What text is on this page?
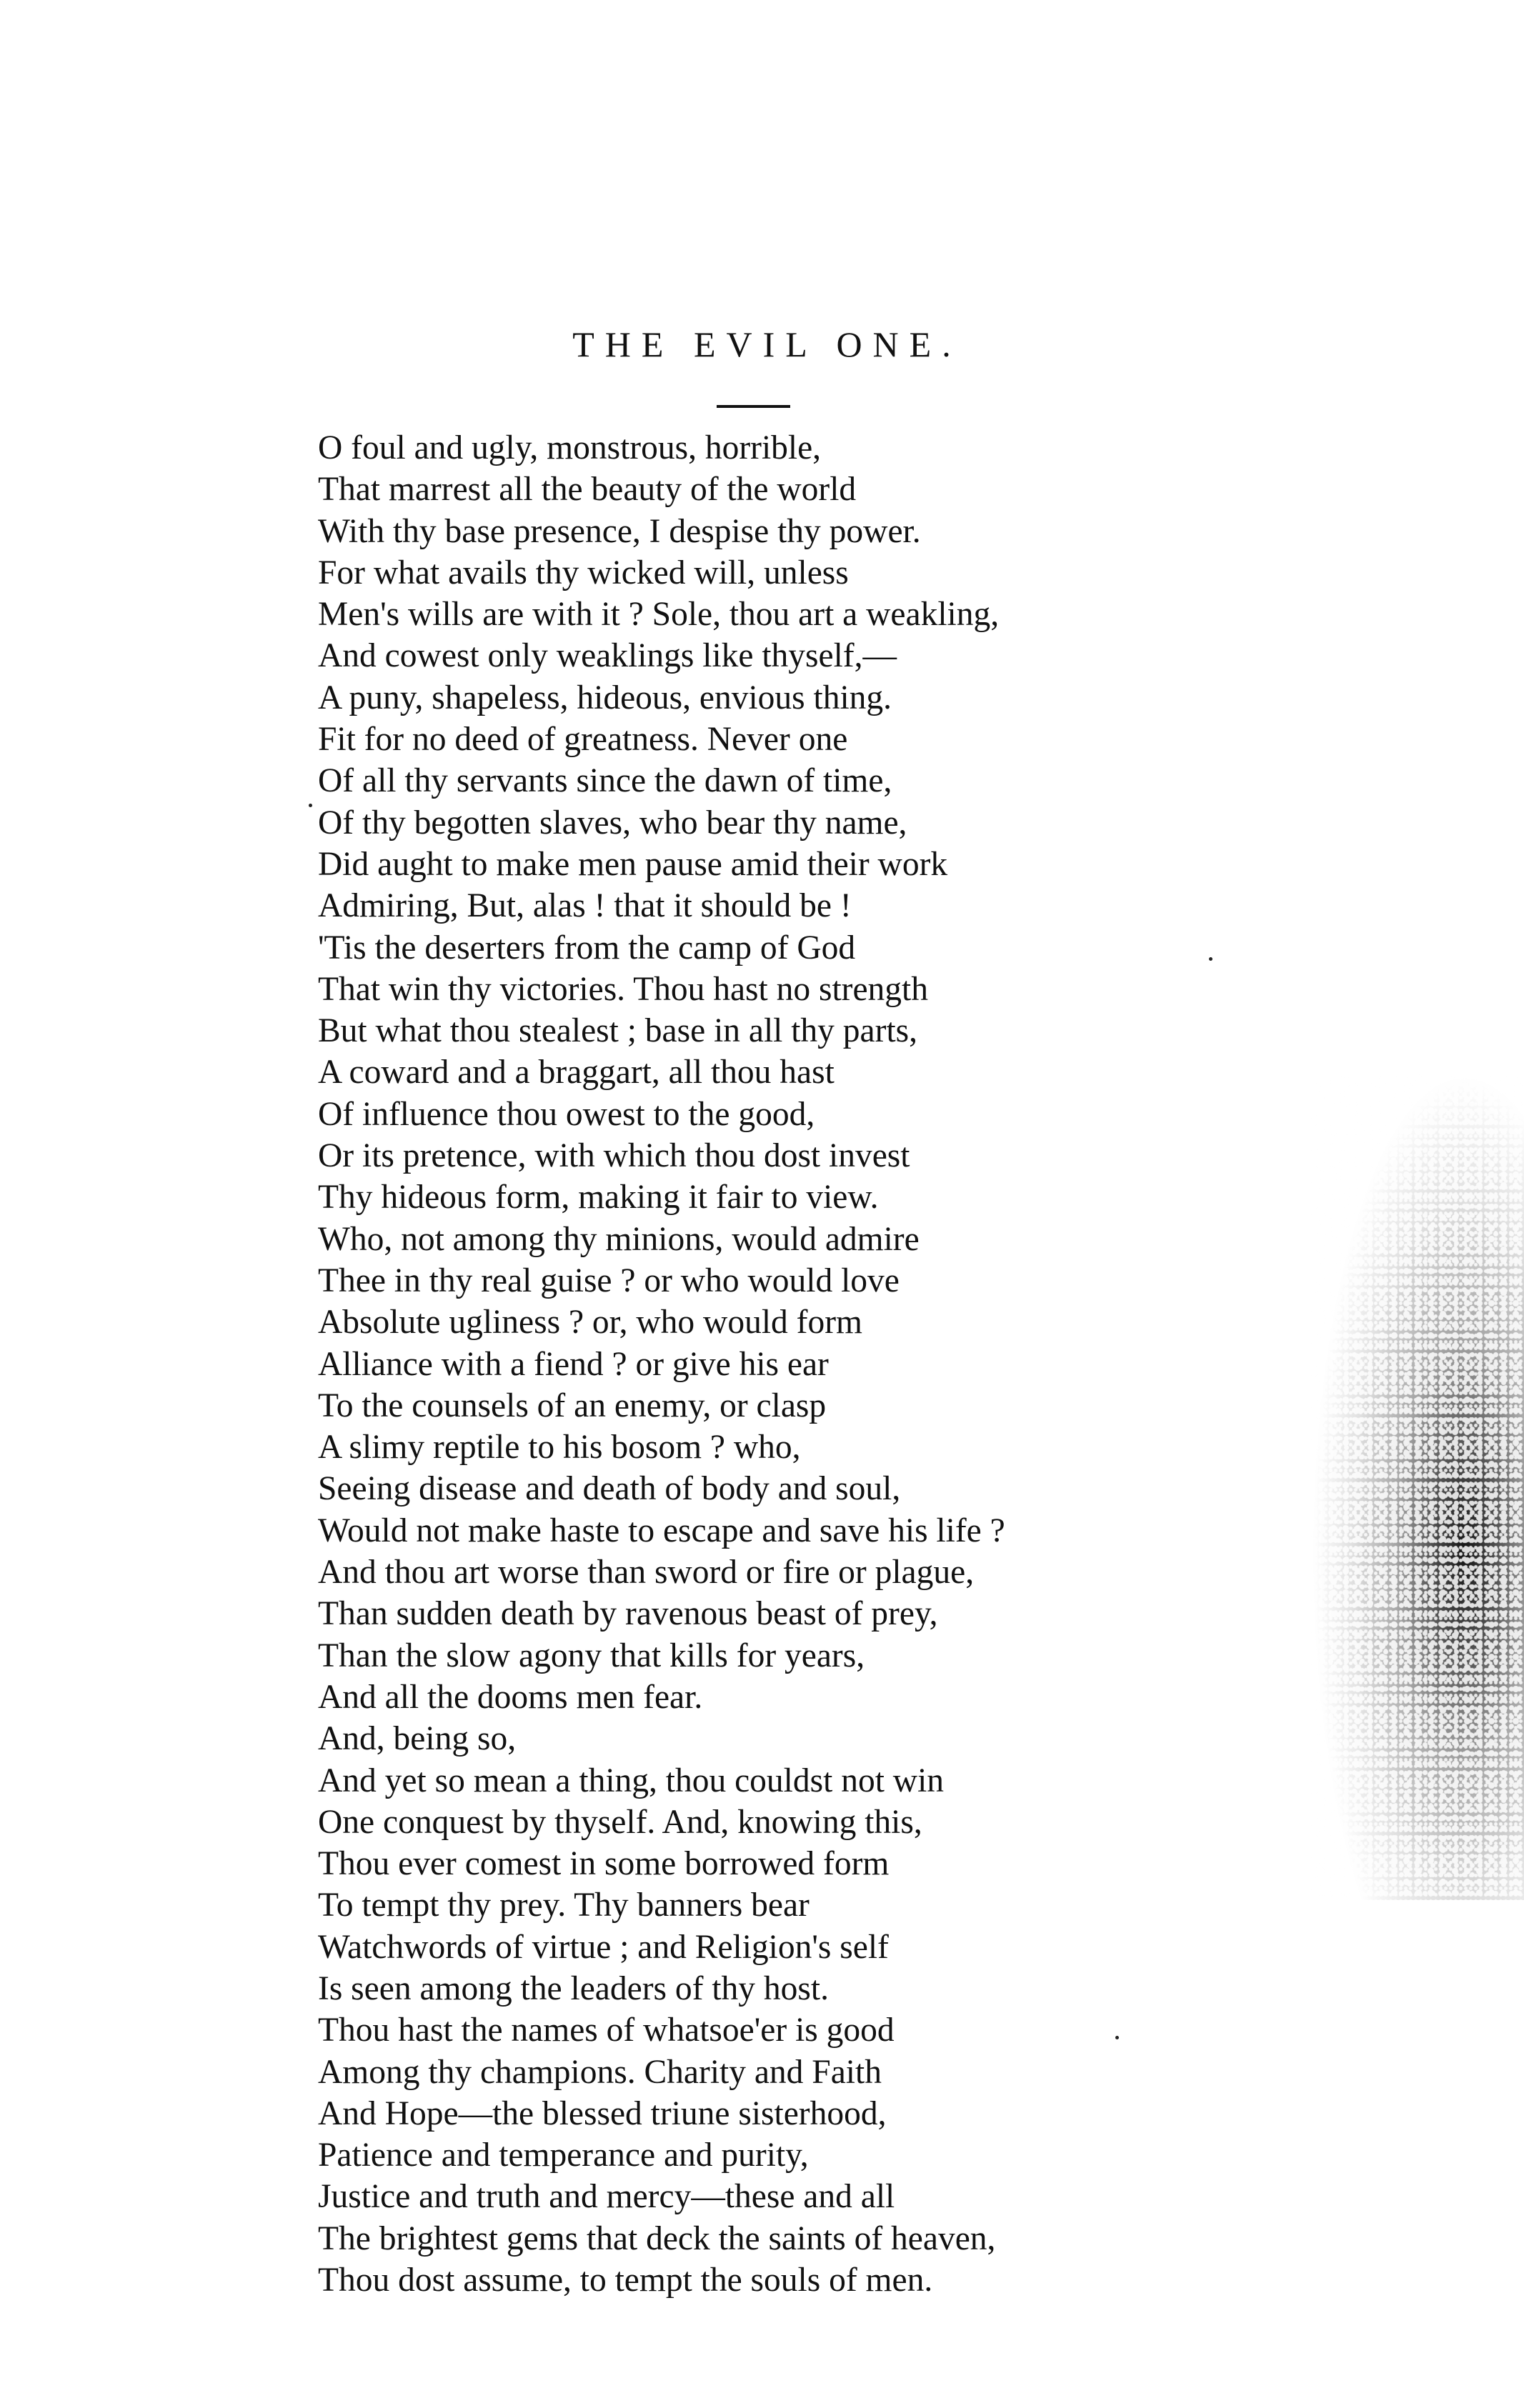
THE EVIL ONE.
O foul and ugly, monstrous, horrible,
That marrest all the beauty of the world
With thy base presence, I despise thy power.
For what avails thy wicked will, unless
Men's wills are with it ? Sole, thou art a weakling,
And cowest only weaklings like thyself,—
A puny, shapeless, hideous, envious thing.
Fit for no deed of greatness. Never one
Of all thy servants since the dawn of time,
Of thy begotten slaves, who bear thy name,
Did aught to make men pause amid their work
Admiring, But, alas ! that it should be !
'Tis the deserters from the camp of God
That win thy victories. Thou hast no strength
But what thou stealest ; base in all thy parts,
A coward and a braggart, all thou hast
Of influence thou owest to the good,
Or its pretence, with which thou dost invest
Thy hideous form, making it fair to view.
Who, not among thy minions, would admire
Thee in thy real guise ? or who would love
Absolute ugliness ? or, who would form
Alliance with a fiend ? or give his ear
To the counsels of an enemy, or clasp
A slimy reptile to his bosom ? who,
Seeing disease and death of body and soul,
Would not make haste to escape and save his life ?
And thou art worse than sword or fire or plague,
Than sudden death by ravenous beast of prey,
Than the slow agony that kills for years,
And all the dooms men fear.
And, being so,
And yet so mean a thing, thou couldst not win
One conquest by thyself. And, knowing this,
Thou ever comest in some borrowed form
To tempt thy prey. Thy banners bear
Watchwords of virtue ; and Religion's self
Is seen among the leaders of thy host.
Thou hast the names of whatsoe'er is good
Among thy champions. Charity and Faith
And Hope—the blessed triune sisterhood,
Patience and temperance and purity,
Justice and truth and mercy—these and all
The brightest gems that deck the saints of heaven,
Thou dost assume, to tempt the souls of men.
